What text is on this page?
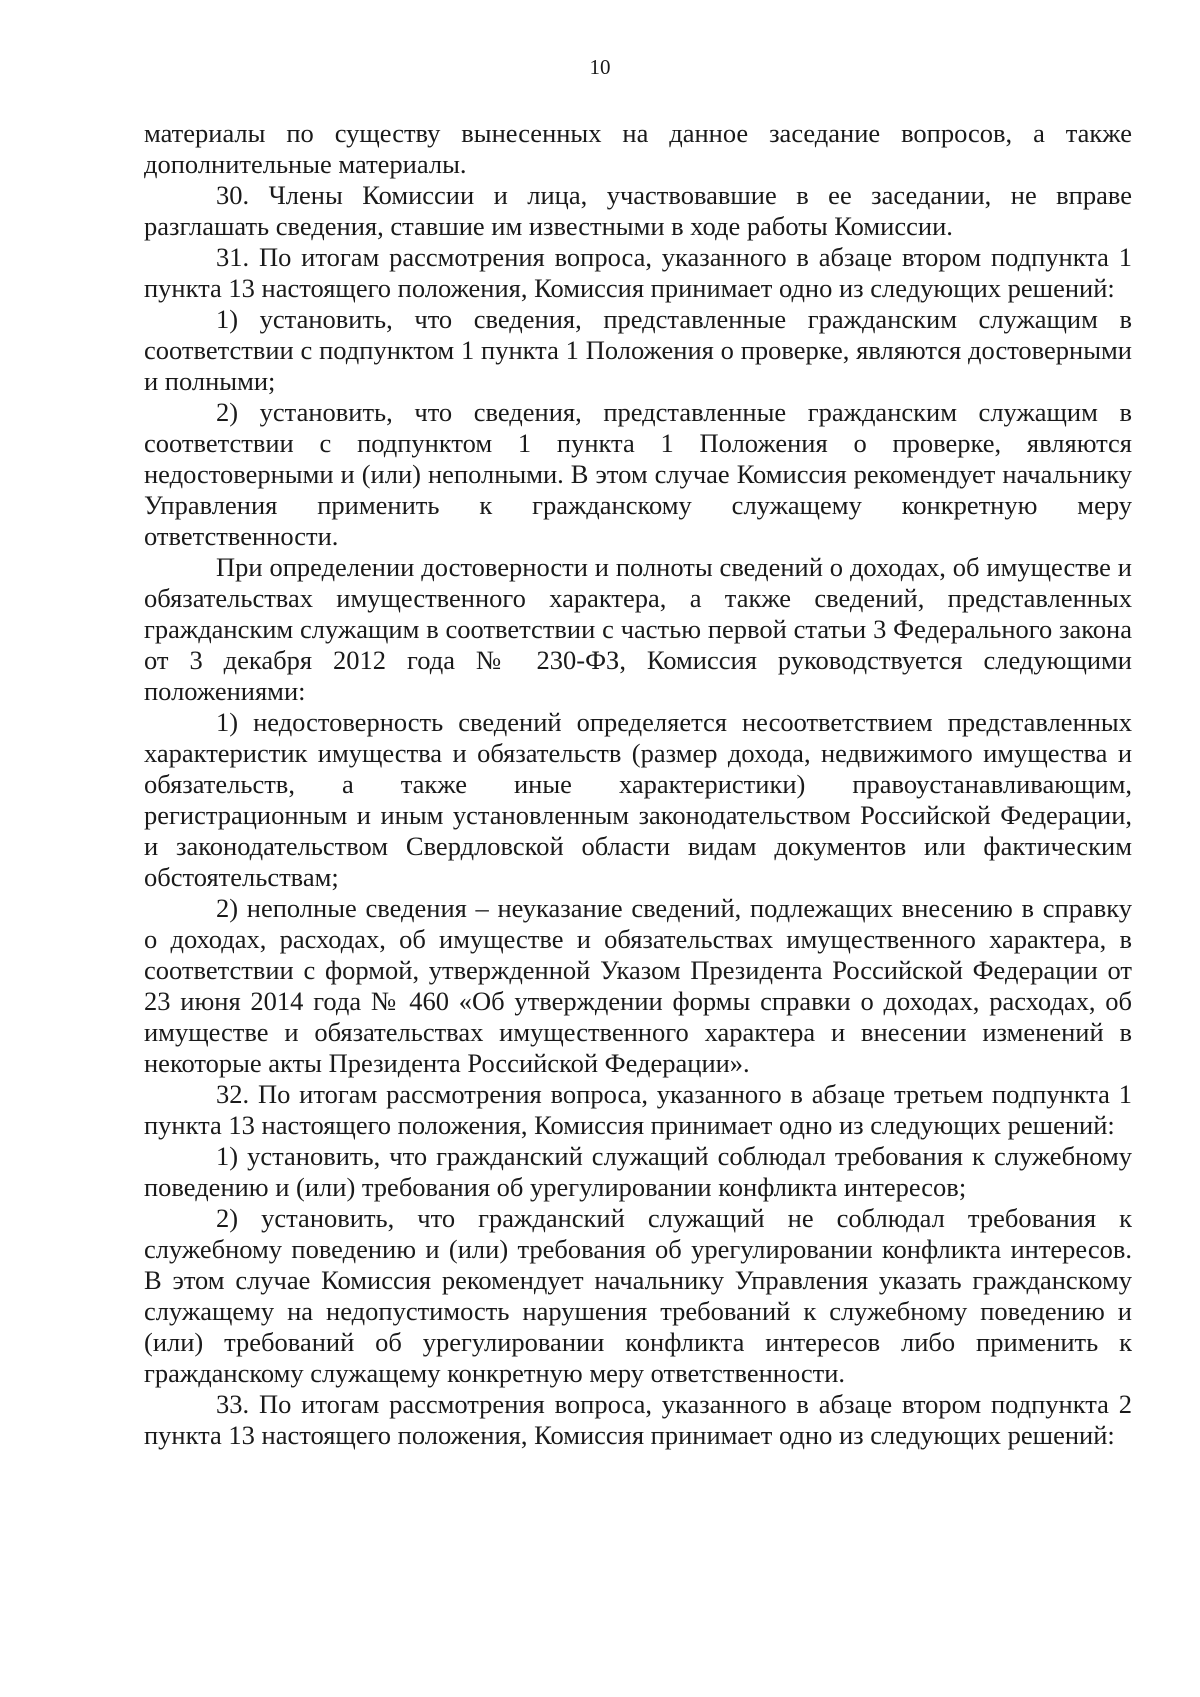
10

материалы по существу вынесенных на данное заседание вопросов, а также дополнительные материалы.

30. Члены Комиссии и лица, участвовавшие в ее заседании, не вправе разглашать сведения, ставшие им известными в ходе работы Комиссии.

31. По итогам рассмотрения вопроса, указанного в абзаце втором подпункта 1 пункта 13 настоящего положения, Комиссия принимает одно из следующих решений:

1) установить, что сведения, представленные гражданским служащим в соответствии с подпунктом 1 пункта 1 Положения о проверке, являются достоверными и полными;

2) установить, что сведения, представленные гражданским служащим в соответствии с подпунктом 1 пункта 1 Положения о проверке, являются недостоверными и (или) неполными. В этом случае Комиссия рекомендует начальнику Управления применить к гражданскому служащему конкретную меру ответственности.

При определении достоверности и полноты сведений о доходах, об имуществе и обязательствах имущественного характера, а также сведений, представленных гражданским служащим в соответствии с частью первой статьи 3 Федерального закона от 3 декабря 2012 года № 230-ФЗ, Комиссия руководствуется следующими положениями:

1) недостоверность сведений определяется несоответствием представленных характеристик имущества и обязательств (размер дохода, недвижимого имущества и обязательств, а также иные характеристики) правоустанавливающим, регистрационным и иным установленным законодательством Российской Федерации, и законодательством Свердловской области видам документов или фактическим обстоятельствам;

2) неполные сведения – неуказание сведений, подлежащих внесению в справку о доходах, расходах, об имуществе и обязательствах имущественного характера, в соответствии с формой, утвержденной Указом Президента Российской Федерации от 23 июня 2014 года № 460 «Об утверждении формы справки о доходах, расходах, об имуществе и обязательствах имущественного характера и внесении изменений в некоторые акты Президента Российской Федерации».

32. По итогам рассмотрения вопроса, указанного в абзаце третьем подпункта 1 пункта 13 настоящего положения, Комиссия принимает одно из следующих решений:

1) установить, что гражданский служащий соблюдал требования к служебному поведению и (или) требования об урегулировании конфликта интересов;

2) установить, что гражданский служащий не соблюдал требования к служебному поведению и (или) требования об урегулировании конфликта интересов. В этом случае Комиссия рекомендует начальнику Управления указать гражданскому служащему на недопустимость нарушения требований к служебному поведению и (или) требований об урегулировании конфликта интересов либо применить к гражданскому служащему конкретную меру ответственности.

33. По итогам рассмотрения вопроса, указанного в абзаце втором подпункта 2 пункта 13 настоящего положения, Комиссия принимает одно из следующих решений:
